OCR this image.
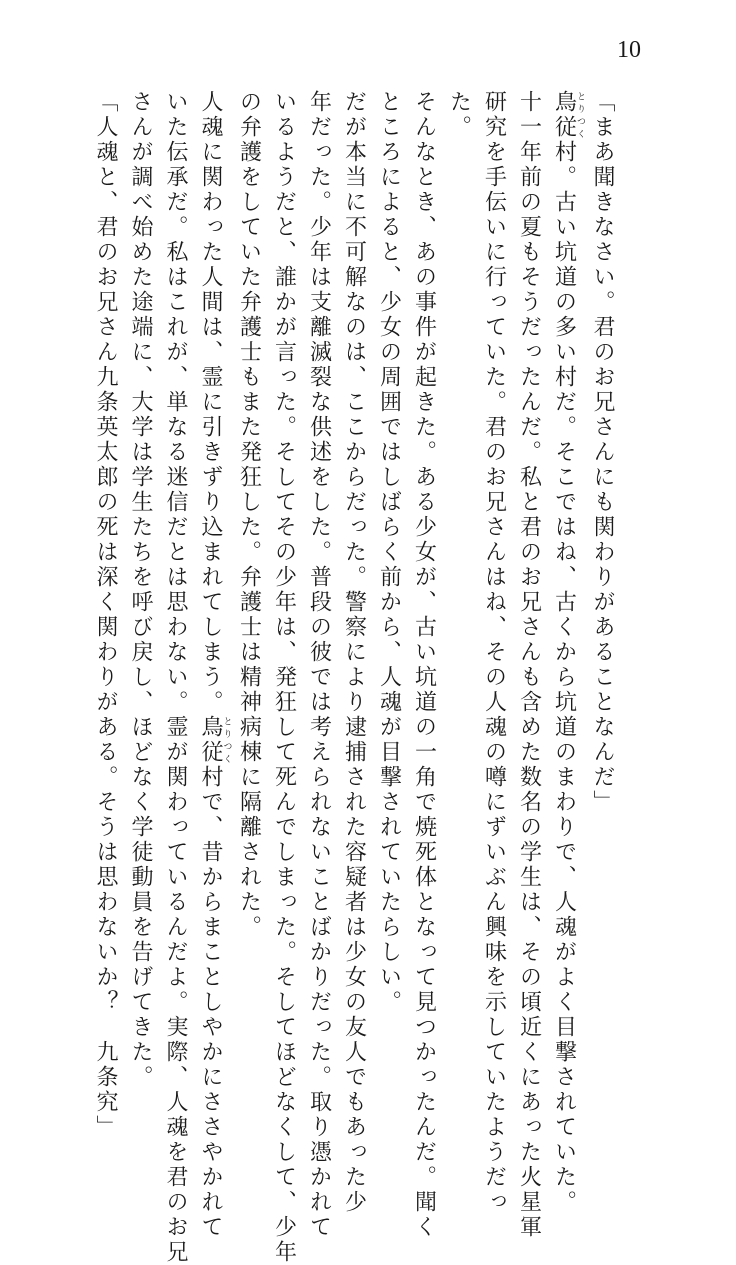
10
「まあ聞きなさい。君のお兄さんにも関わりがあることなんだ」
鳥従とりつく村。古い坑道の多い村だ。そこではね、古くから坑道のまわりで、人魂がよく目撃されていた。
十一年前の夏もそうだったんだ。私と君のお兄さんも含めた数名の学生は、その頃近くにあった火星軍
研究を手伝いに行っていた。君のお兄さんはね、その人魂の噂にずいぶん興味を示していたようだっ
た。
そんなとき、あの事件が起きた。ある少女が、古い坑道の一角で焼死体となって見つかったんだ。聞く
ところによると、少女の周囲ではしばらく前から、人魂が目撃されていたらしい。
だが本当に不可解なのは、ここからだった。警察により逮捕された容疑者は少女の友人でもあった少
年だった。少年は支離滅裂な供述をした。普段の彼では考えられないことばかりだった。取り憑かれて
いるようだと、誰かが言った。そしてその少年は、発狂して死んでしまった。そしてほどなくして、少年
の弁護をしていた弁護士もまた発狂した。弁護士は精神病棟に隔離された。
人魂に関わった人間は、霊に引きずり込まれてしまう。鳥従とりつく村で、昔からまことしやかにささやかれて
いた伝承だ。私はこれが、単なる迷信だとは思わない。霊が関わっているんだよ。実際、人魂を君のお兄
さんが調べ始めた途端に、大学は学生たちを呼び戻し、ほどなく学徒動員を告げてきた。
「人魂と、君のお兄さん九条英太郎の死は深く関わりがある。そうは思わないか？　九条究」
